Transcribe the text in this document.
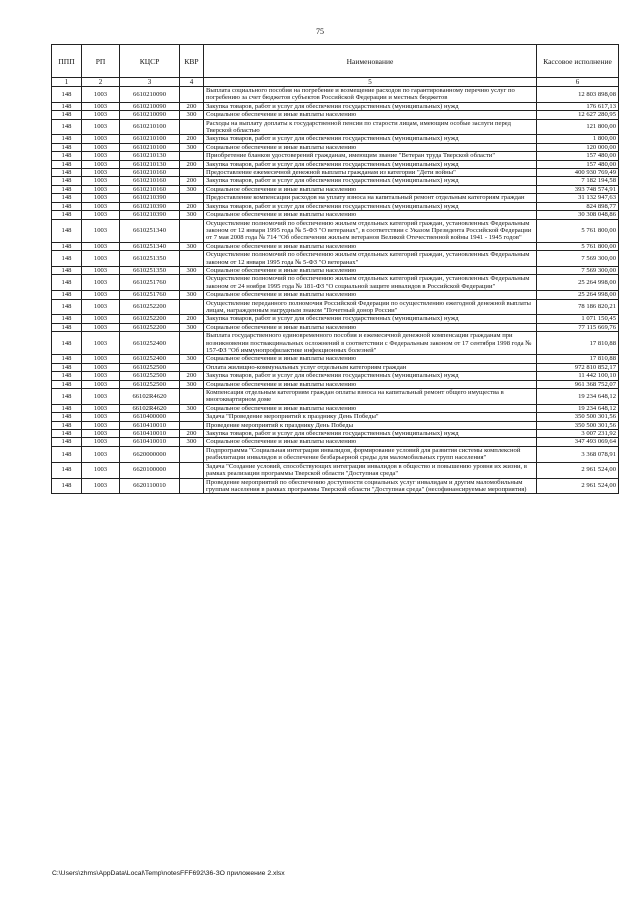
75
ППП	РП	КЦСР	КВР	Наименование	Кассовое исполнение
1	2	3	4	5	6
148	1003	6610210090		Выплата социального пособия на погребение и возмещение расходов по гарантированному перечню услуг по погребению за счет бюджетов субъектов Российской Федерации и местных бюджетов	12 803 898,08
148	1003	6610210090	200	Закупка товаров, работ и услуг для обеспечения государственных (муниципальных) нужд	176 617,13
148	1003	6610210090	300	Социальное обеспечение и иные выплаты населению	12 627 280,95
148	1003	6610210100		Расходы на выплату доплаты к государственной пенсии по старости лицам, имеющим особые заслуги перед Тверской областью	121 800,00
148	1003	6610210100	200	Закупка товаров, работ и услуг для обеспечения государственных (муниципальных) нужд	1 800,00
148	1003	6610210100	300	Социальное обеспечение и иные выплаты населению	120 000,00
148	1003	6610210130		Приобретение бланков удостоверений гражданам, имеющим звание "Ветеран труда Тверской области"	157 480,00
148	1003	6610210130	200	Закупка товаров, работ и услуг для обеспечения государственных (муниципальных) нужд	157 480,00
148	1003	6610210160		Предоставление ежемесячной денежной выплаты гражданам из категории "Дети войны"	400 930 769,49
148	1003	6610210160	200	Закупка товаров, работ и услуг для обеспечения государственных (муниципальных) нужд	7 182 194,58
148	1003	6610210160	300	Социальное обеспечение и иные выплаты населению	393 748 574,91
148	1003	6610210390		Предоставление компенсации расходов на уплату взноса на капитальный ремонт отдельным категориям граждан	31 132 947,63
148	1003	6610210390	200	Закупка товаров, работ и услуг для обеспечения государственных (муниципальных) нужд	824 898,77
148	1003	6610210390	300	Социальное обеспечение и иные выплаты населению	30 308 048,86
148	1003	6610251340		Осуществление полномочий по обеспечению жильем отдельных категорий граждан, установленных Федеральным законом от 12 января 1995 года № 5-ФЗ "О ветеранах", в соответствии с Указом Президента Российской Федерации от 7 мая 2008 года № 714 "Об обеспечении жильем ветеранов Великой Отечественной войны 1941 - 1945 годов"	5 761 800,00
148	1003	6610251340	300	Социальное обеспечение и иные выплаты населению	5 761 800,00
148	1003	6610251350		Осуществление полномочий по обеспечению жильем отдельных категорий граждан, установленных Федеральным законом от 12 января 1995 года № 5-ФЗ "О ветеранах"	7 569 300,00
148	1003	6610251350	300	Социальное обеспечение и иные выплаты населению	7 569 300,00
148	1003	6610251760		Осуществление полномочий по обеспечению жильем отдельных категорий граждан, установленных Федеральным законом от 24 ноября 1995 года № 181-ФЗ "О социальной защите инвалидов в Российской Федерации"	25 264 998,00
148	1003	6610251760	300	Социальное обеспечение и иные выплаты населению	25 264 998,00
148	1003	6610252200		Осуществление переданного полномочия Российской Федерации по осуществлению ежегодной денежной выплаты лицам, награжденным нагрудным знаком "Почетный донор России"	78 186 820,21
148	1003	6610252200	200	Закупка товаров, работ и услуг для обеспечения государственных (муниципальных) нужд	1 071 150,45
148	1003	6610252200	300	Социальное обеспечение и иные выплаты населению	77 115 669,76
148	1003	6610252400		Выплата государственного единовременного пособия и ежемесячной денежной компенсации гражданам при возникновении поствакцинальных осложнений в соответствии с Федеральным законом от 17 сентября 1998 года № 157-ФЗ "Об иммунопрофилактике инфекционных болезней"	17 810,88
148	1003	6610252400	300	Социальное обеспечение и иные выплаты населению	17 810,88
148	1003	6610252500		Оплата жилищно-коммунальных услуг отдельным категориям граждан	972 810 852,17
148	1003	6610252500	200	Закупка товаров, работ и услуг для обеспечения государственных (муниципальных) нужд	11 442 100,10
148	1003	6610252500	300	Социальное обеспечение и иные выплаты населению	961 368 752,07
148	1003	66102R4620		Компенсация отдельным категориям граждан оплаты взноса на капитальный ремонт общего имущества в многоквартирном доме	19 234 648,12
148	1003	66102R4620	300	Социальное обеспечение и иные выплаты населению	19 234 648,12
148	1003	6610400000		Задача "Проведение мероприятий к празднику День Победы"	350 500 301,56
148	1003	6610410010		Проведение мероприятий к празднику День Победы	350 500 301,56
148	1003	6610410010	200	Закупка товаров, работ и услуг для обеспечения государственных (муниципальных) нужд	3 007 231,92
148	1003	6610410010	300	Социальное обеспечение и иные выплаты населению	347 493 069,64
148	1003	6620000000		Подпрограмма "Социальная интеграция инвалидов, формирование условий для развития системы комплексной реабилитации инвалидов и обеспечение безбарьерной среды для маломобильных групп населения"	3 368 078,91
148	1003	6620100000		Задача "Создание условий, способствующих интеграции инвалидов в общество и повышению уровня их жизни, в рамках реализации программы Тверской области "Доступная среда"	2 961 524,00
148	1003	6620110010		Проведение мероприятий по обеспечению доступности социальных услуг инвалидам и другим маломобильным группам населения в рамках программы Тверской области "Доступная среда" (несофинансируемые мероприятия)	2 961 524,00
C:\Users\zhms\AppData\Local\Temp\notesFFF692\36-ЗО приложение 2.xlsx
